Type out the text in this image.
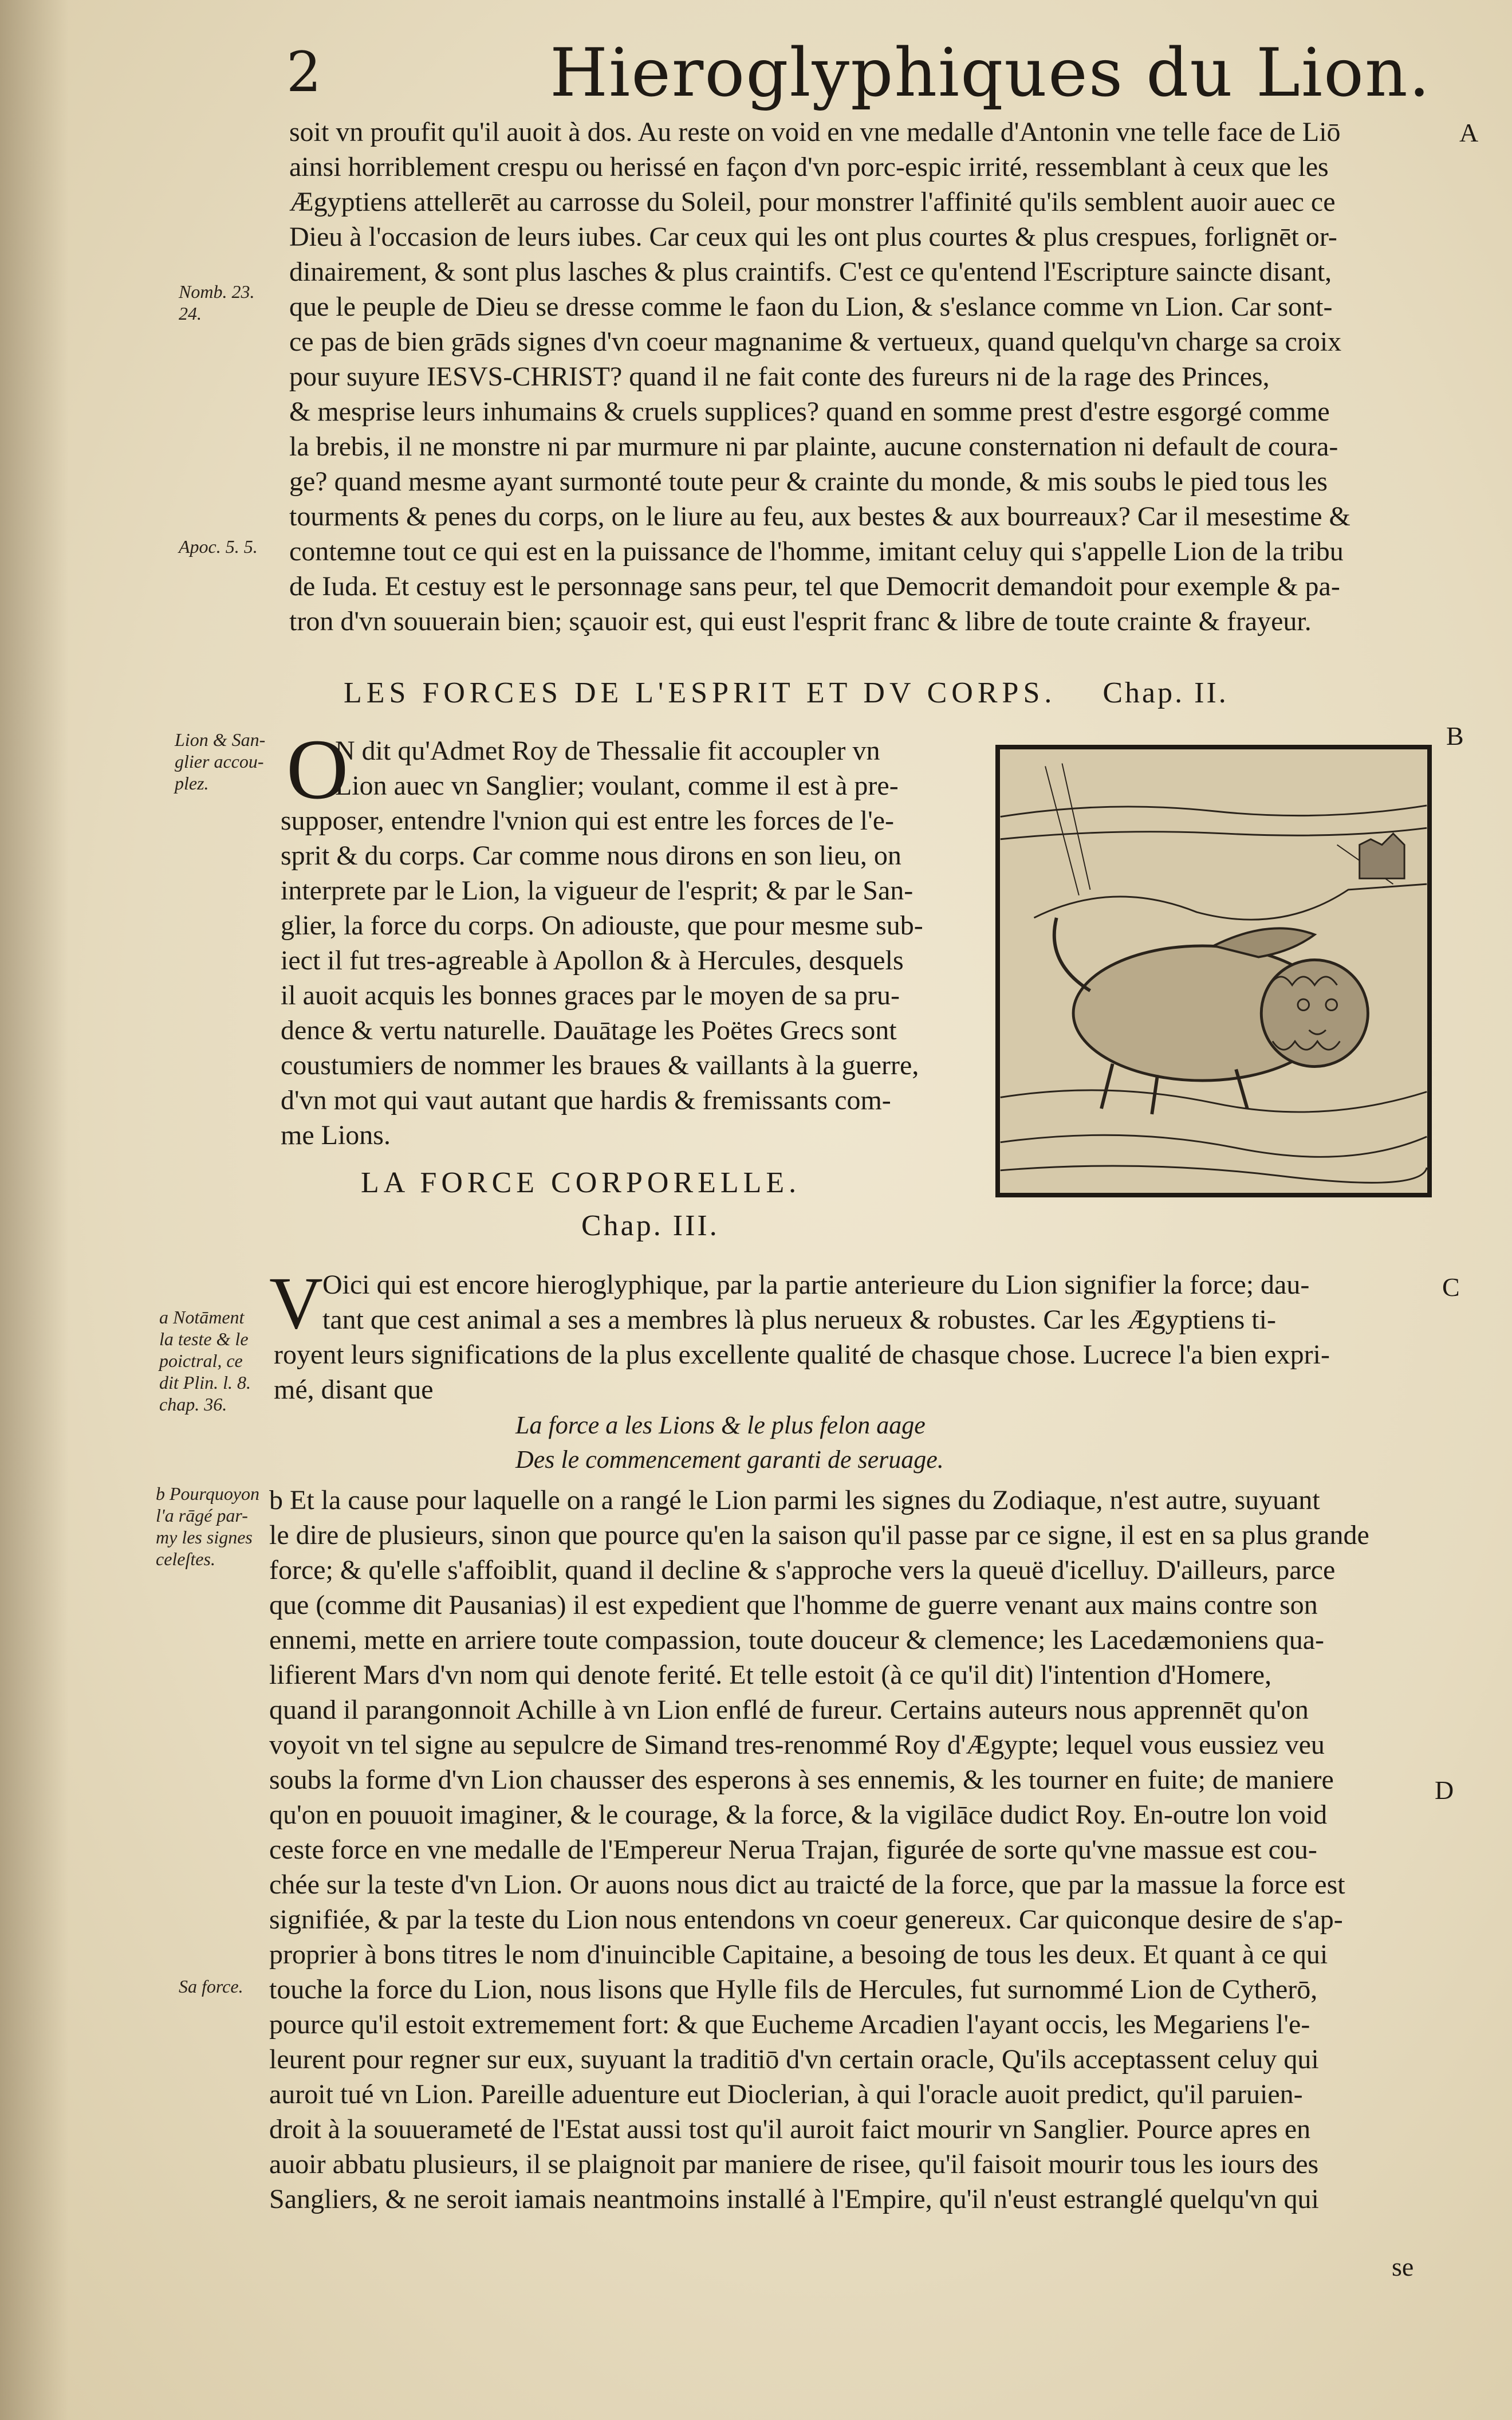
2	Hieroglyphiques du Lion.
soit vn proufit qu'il auoit à dos. Au reste on void en vne medalle d'Antonin vne telle face de Liō
ainsi horriblement crespu ou herissé en façon d'vn porc-espic irrité, ressemblant à ceux que les
Ægyptiens attellerēt au carrosse du Soleil, pour monstrer l'affinité qu'ils semblent auoir auec ce
Dieu à l'occasion de leurs iubes. Car ceux qui les ont plus courtes & plus crespues, forlignēt or-
dinairement, & sont plus lasches & plus craintifs. C'est ce qu'entend l'Escripture saincte disant,
que le peuple de Dieu se dresse comme le faon du Lion, & s'eslance comme vn Lion. Car sont-
ce pas de bien grāds signes d'vn coeur magnanime & vertueux, quand quelqu'vn charge sa croix
pour suyure IESVS-CHRIST? quand il ne fait conte des fureurs ni de la rage des Princes,
& mesprise leurs inhumains & cruels supplices? quand en somme prest d'estre esgorgé comme
la brebis, il ne monstre ni par murmure ni par plainte, aucune consternation ni default de coura-
ge? quand mesme ayant surmonté toute peur & crainte du monde, & mis soubs le pied tous les
tourments & penes du corps, on le liure au feu, aux bestes & aux bourreaux? Car il mesestime &
contemne tout ce qui est en la puissance de l'homme, imitant celuy qui s'appelle Lion de la tribu
de Iuda. Et cestuy est le personnage sans peur, tel que Democrit demandoit pour exemple & pa-
tron d'vn souuerain bien; sçauoir est, qui eust l'esprit franc & libre de toute crainte & frayeur.
A
Nomb. 23.
24.
Apoc. 5. 5.
LES FORCES DE L'ESPRIT ET DV CORPS. Chap. II.
B
Lion & San-
glier accou-
plez. O
N dit qu'Admet Roy de Thessalie fit accoupler vn
Lion auec vn Sanglier; voulant, comme il est à pre-
supposer, entendre l'vnion qui est entre les forces de l'e-
sprit & du corps. Car comme nous dirons en son lieu, on
interprete par le Lion, la vigueur de l'esprit; & par le San-
glier, la force du corps. On adiouste, que pour mesme sub-
iect il fut tres-agreable à Apollon & à Hercules, desquels
il auoit acquis les bonnes graces par le moyen de sa pru-
dence & vertu naturelle. Dauātage les Poëtes Grecs sont
coustumiers de nommer les braues & vaillants à la guerre,
d'vn mot qui vaut autant que hardis & fremissants com-
me Lions.
LA FORCE CORPORELLE.
Chap. III.
C
a Notāment
la teste & le
poictral, ce
dit Plin. l. 8.
chap. 36.
V Oici qui est encore hieroglyphique, par la partie anterieure du Lion signifier la force; dau-
tant que cest animal a ses a membres là plus nerueux & robustes. Car les Ægyptiens ti-
royent leurs significations de la plus excellente qualité de chasque chose. Lucrece l'a bien expri-
mé, disant que
La force a les Lions & le plus felon aage
Des le commencement garanti de seruage.
b Pourquoyon
l'a rāgé par-
my les signes
celeſtes.
b Et la cause pour laquelle on a rangé le Lion parmi les signes du Zodiaque, n'est autre, suyuant
le dire de plusieurs, sinon que pource qu'en la saison qu'il passe par ce signe, il est en sa plus grande
force; & qu'elle s'affoiblit, quand il decline & s'approche vers la queuë d'icelluy. D'ailleurs, parce
que (comme dit Pausanias) il est expedient que l'homme de guerre venant aux mains contre son
ennemi, mette en arriere toute compassion, toute douceur & clemence; les Lacedæmoniens qua-
lifierent Mars d'vn nom qui denote ferité. Et telle estoit (à ce qu'il dit) l'intention d'Homere,
quand il parangonnoit Achille à vn Lion enflé de fureur. Certains auteurs nous apprennēt qu'on
voyoit vn tel signe au sepulcre de Simand tres-renommé Roy d'Ægypte; lequel vous eussiez veu
soubs la forme d'vn Lion chausser des esperons à ses ennemis, & les tourner en fuite; de maniere
qu'on en pouuoit imaginer, & le courage, & la force, & la vigilāce dudict Roy. En-outre lon void
ceste force en vne medalle de l'Empereur Nerua Trajan, figurée de sorte qu'vne massue est cou-
chée sur la teste d'vn Lion. Or auons nous dict au traicté de la force, que par la massue la force est
signifiée, & par la teste du Lion nous entendons vn coeur genereux. Car quiconque desire de s'ap-
proprier à bons titres le nom d'inuincible Capitaine, a besoing de tous les deux. Et quant à ce qui
touche la force du Lion, nous lisons que Hylle fils de Hercules, fut surnommé Lion de Cytherō,
pource qu'il estoit extremement fort: & que Eucheme Arcadien l'ayant occis, les Megariens l'e-
leurent pour regner sur eux, suyuant la traditiō d'vn certain oracle, Qu'ils acceptassent celuy qui
auroit tué vn Lion. Pareille aduenture eut Dioclerian, à qui l'oracle auoit predict, qu'il paruien-
droit à la souuerameté de l'Estat aussi tost qu'il auroit faict mourir vn Sanglier. Pource apres en
auoir abbatu plusieurs, il se plaignoit par maniere de risee, qu'il faisoit mourir tous les iours des
Sangliers, & ne seroit iamais neantmoins installé à l'Empire, qu'il n'eust estranglé quelqu'vn qui
D
Sa force.
se
